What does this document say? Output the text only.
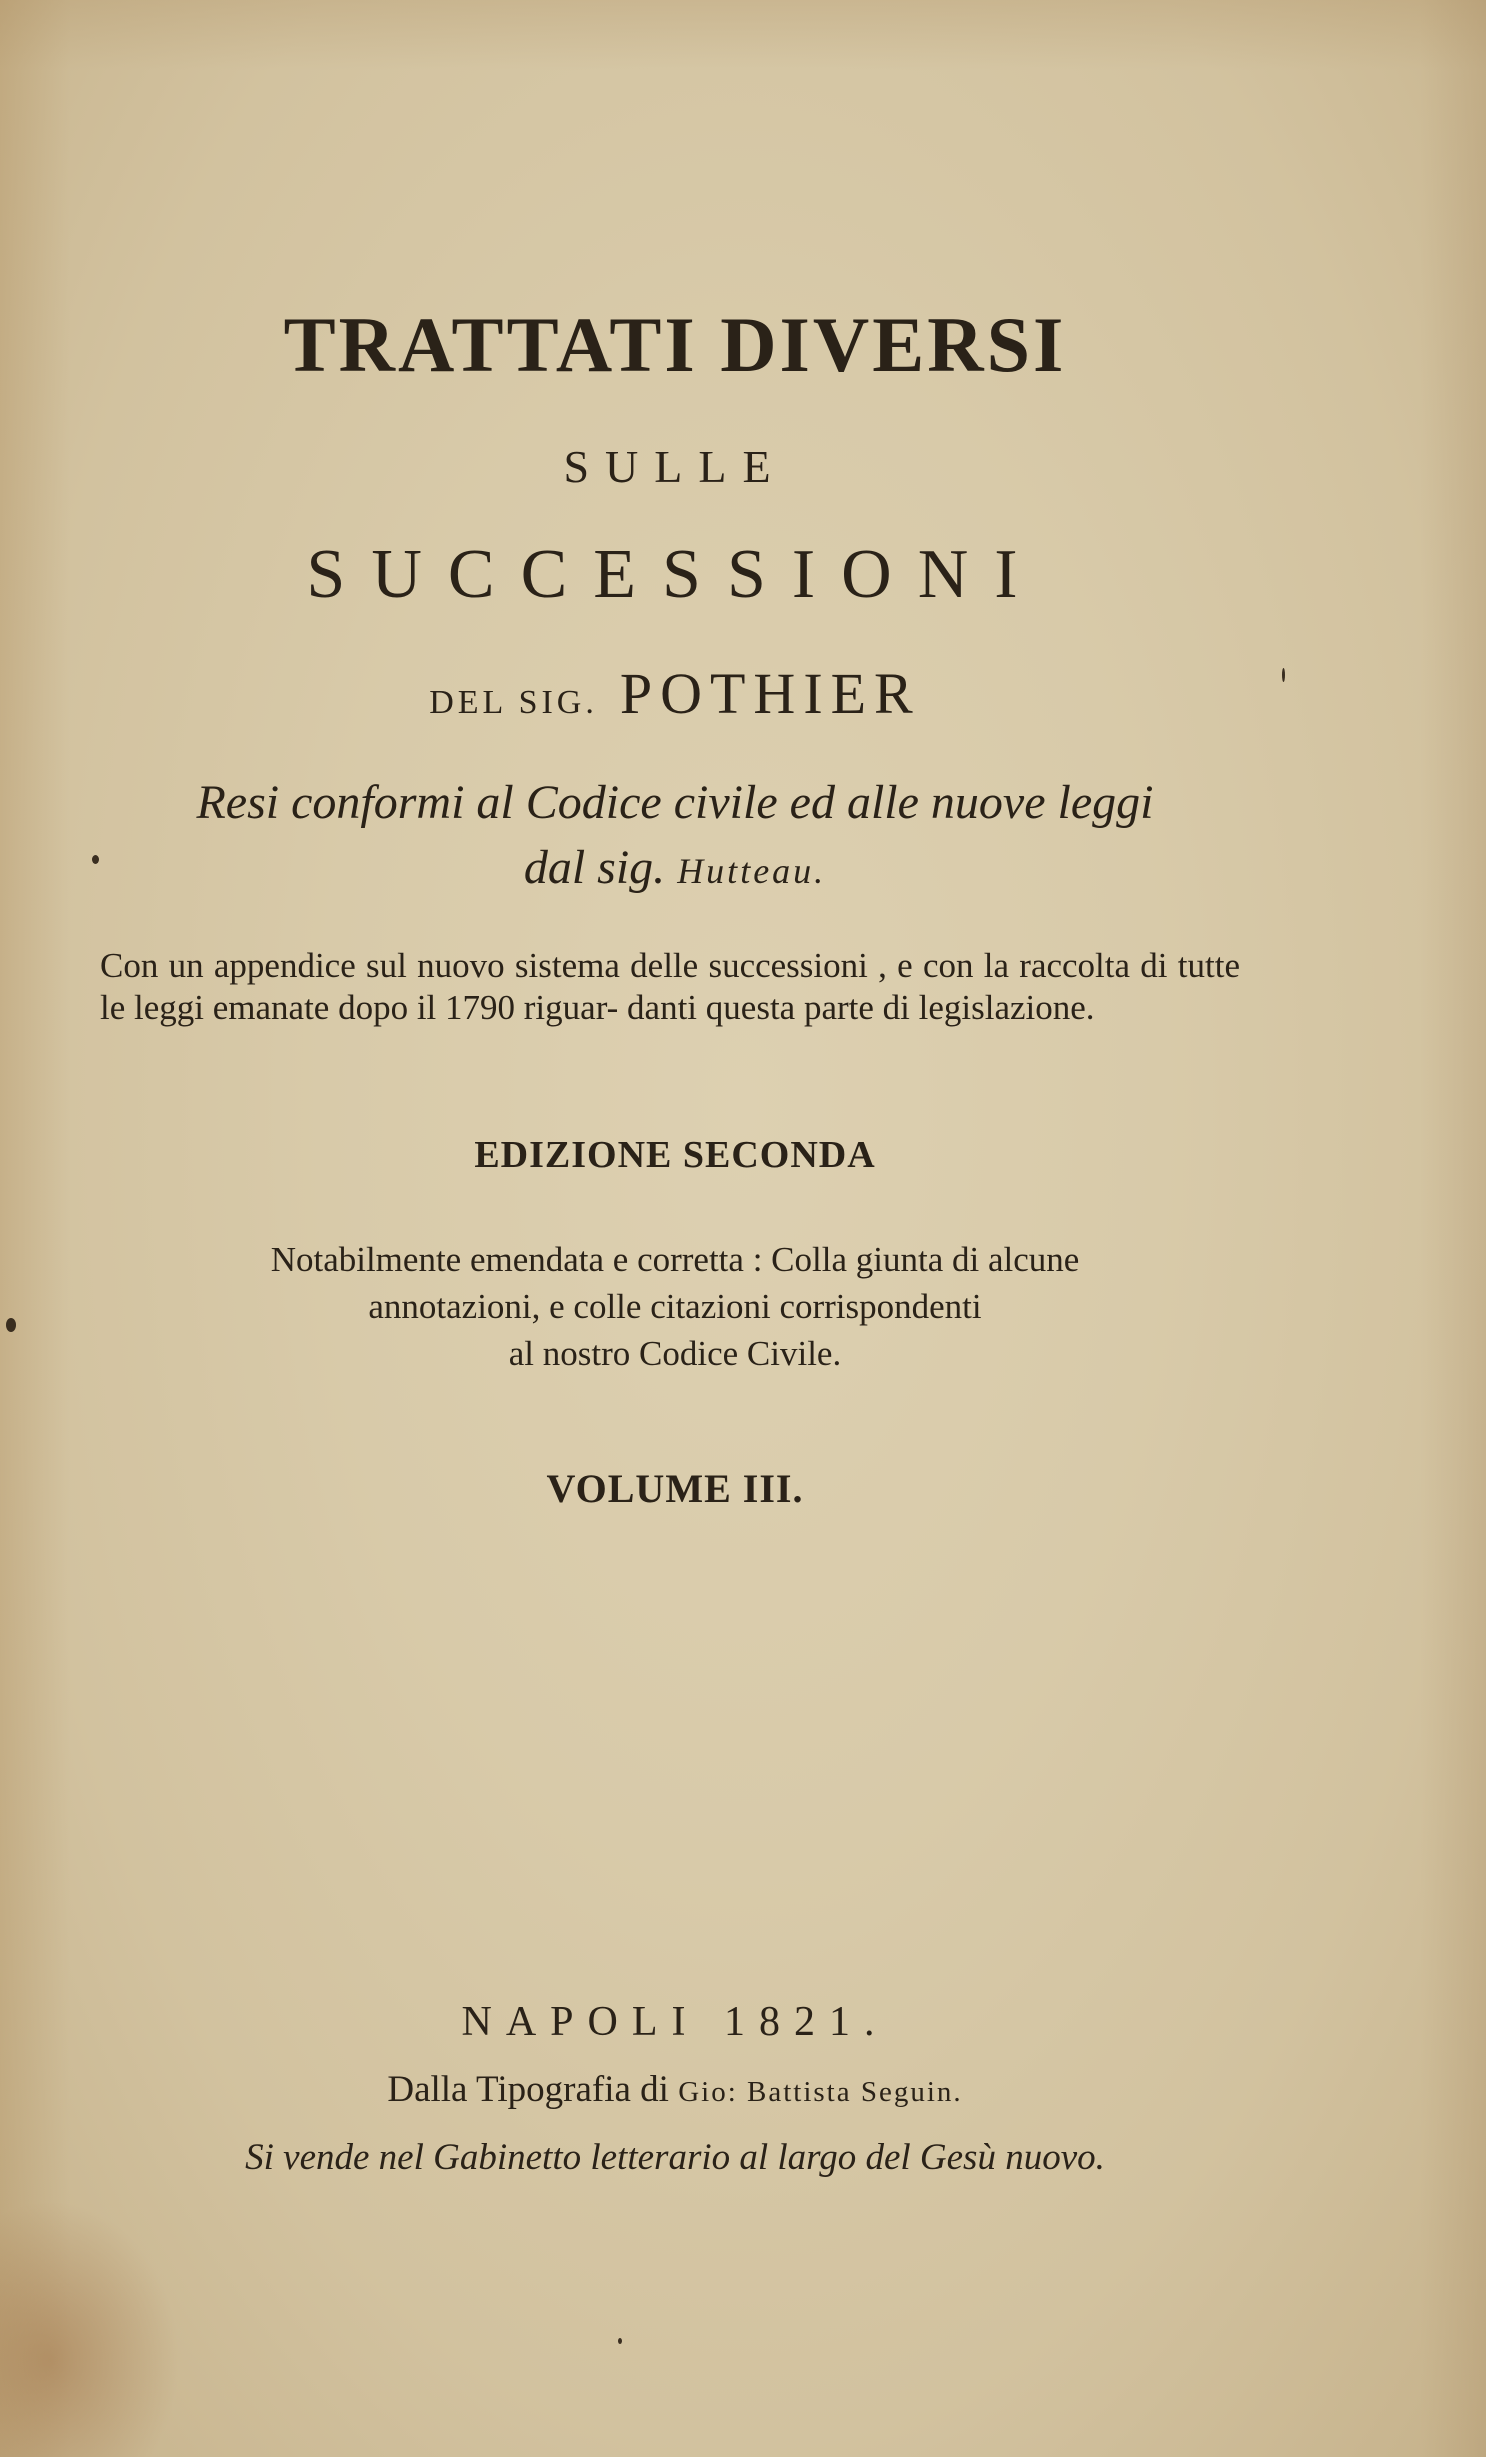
TRATTATI DIVERSI
SULLE
SUCCESSIONI
DEL SIG. POTHIER
Resi conformi al Codice civile ed alle nuove leggi
dal sig. Hutteau.
Con un appendice sul nuovo sistema delle successioni , e con la raccolta di tutte le leggi emanate dopo il 1790 riguar- danti questa parte di legislazione.
EDIZIONE SECONDA
Notabilmente emendata e corretta : Colla giunta di alcune
annotazioni, e colle citazioni corrispondenti
al nostro Codice Civile.
VOLUME III.
NAPOLI 1821.
Dalla Tipografia di Gio: Battista Seguin.
Si vende nel Gabinetto letterario al largo del Gesù nuovo.
